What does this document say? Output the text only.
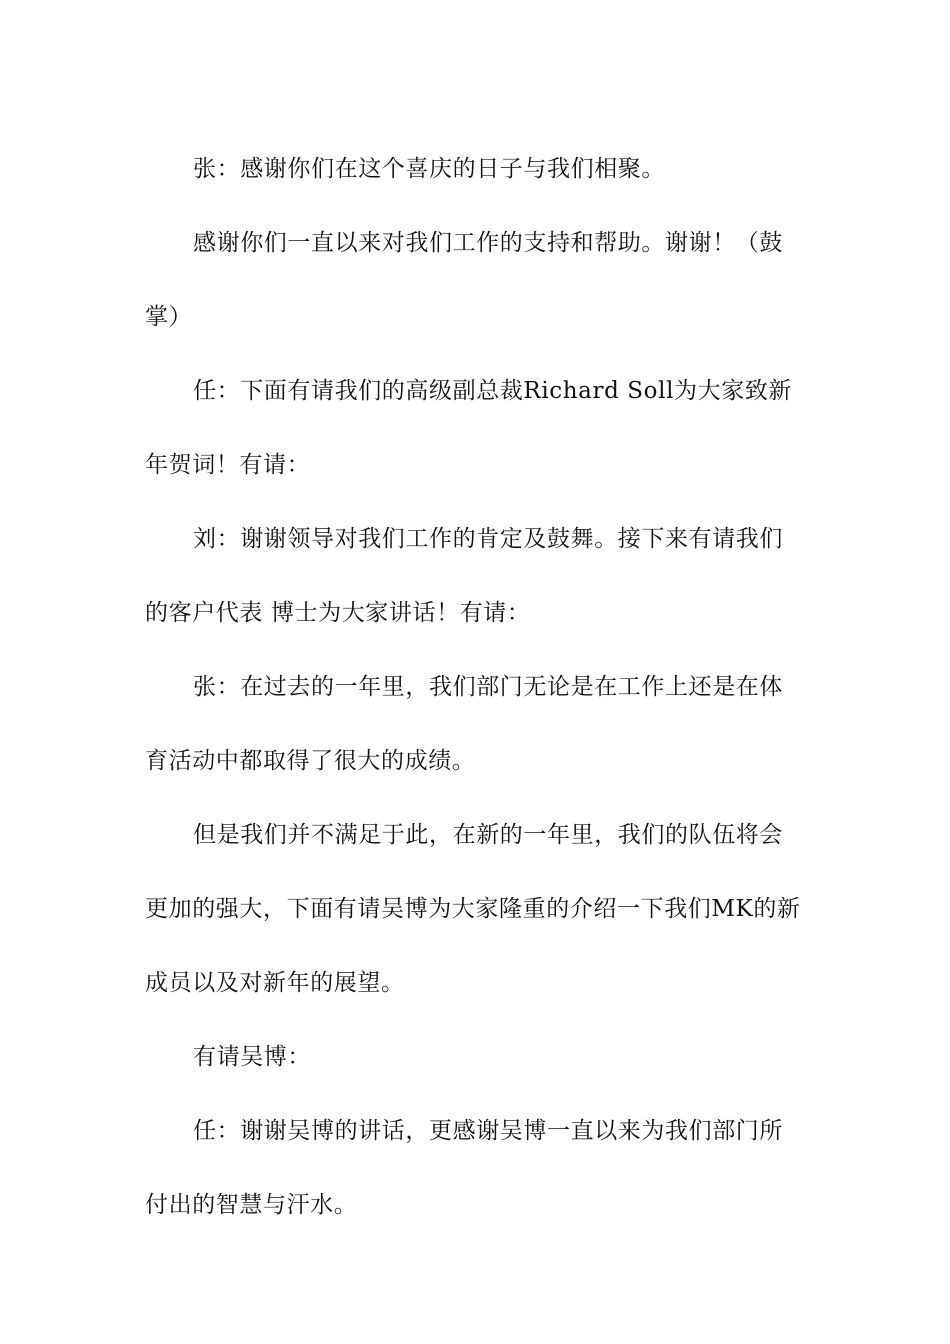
张：感谢你们在这个喜庆的日子与我们相聚。

感谢你们一直以来对我们工作的支持和帮助。谢谢！（鼓掌）

任：下面有请我们的高级副总裁Richard Soll为大家致新年贺词！有请：

刘：谢谢领导对我们工作的肯定及鼓舞。接下来有请我们的客户代表 博士为大家讲话！有请：

张：在过去的一年里，我们部门无论是在工作上还是在体育活动中都取得了很大的成绩。

但是我们并不满足于此，在新的一年里，我们的队伍将会更加的强大，下面有请吴博为大家隆重的介绍一下我们MK的新成员以及对新年的展望。

有请吴博：

任：谢谢吴博的讲话，更感谢吴博一直以来为我们部门所付出的智慧与汗水。
